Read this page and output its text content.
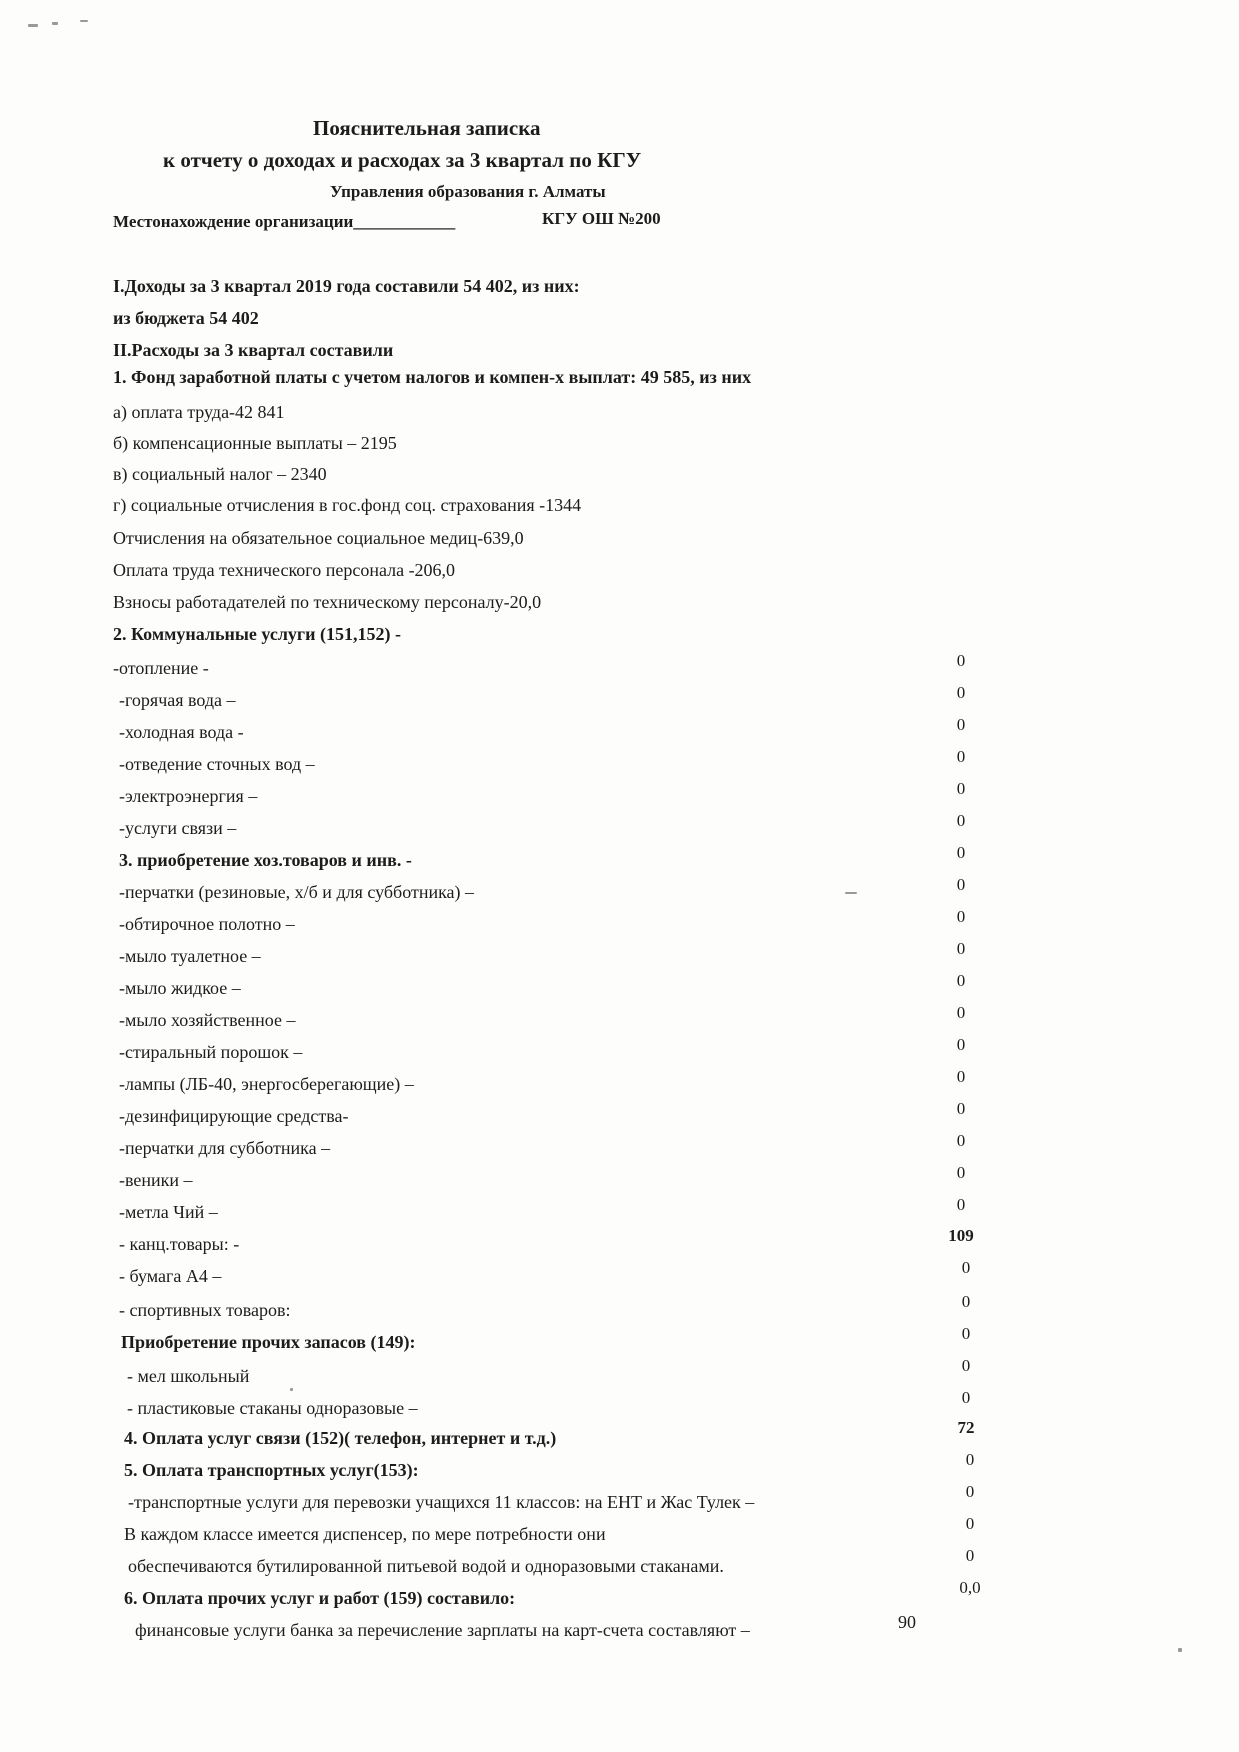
Пояснительная записка
к отчету о доходах и расходах за 3 квартал по КГУ
Управления образования г. Алматы
Местонахождение организации____________	КГУ ОШ №200
I.Доходы за 3 квартал 2019 года составили 54 402, из них:
из бюджета 54 402
II.Расходы за 3 квартал составили
1. Фонд заработной платы с учетом налогов и компен-х выплат: 49 585, из них
а) оплата труда-42 841
б) компенсационные выплаты – 2195
в) социальный налог – 2340
г) социальные отчисления в гос.фонд соц. страхования -1344
Отчисления на обязательное социальное медиц-639,0
Оплата труда технического персонала -206,0
Взносы работадателей по техническому персоналу-20,0
2. Коммунальные услуги (151,152) -
-отопление -
-горячая вода –
-холодная вода -
-отведение сточных вод –
-электроэнергия –
-услуги связи –
3. приобретение хоз.товаров и инв. -
-перчатки (резиновые, х/б и для субботника) –
-обтирочное полотно –
-мыло туалетное –
-мыло жидкое –
-мыло хозяйственное –
-стиральный порошок –
-лампы (ЛБ-40, энергосберегающие) –
-дезинфицирующие средства-
-перчатки для субботника –
-веники –
-метла Чий –
- канц.товары: -
- бумага А4 –
- спортивных товаров:
Приобретение прочих запасов (149):
- мел школьный
- пластиковые стаканы одноразовые –
4. Оплата услуг связи (152)( телефон, интернет и т.д.)
5. Оплата транспортных услуг(153):
-транспортные услуги для перевозки учащихся 11 классов: на ЕНТ и Жас Тулек –
В каждом классе имеется диспенсер, по мере потребности они
обеспечиваются бутилированной питьевой водой и одноразовыми стаканами.
6. Оплата прочих услуг и работ (159) составило:
финансовые услуги банка за перечисление зарплаты на карт-счета составляют –	90
0
0
0
0
0
0
0
0
0
0
0
0
0
0
0
0
0
0
109
0
0
0
0
0
72
0
0
0
0
0,0
